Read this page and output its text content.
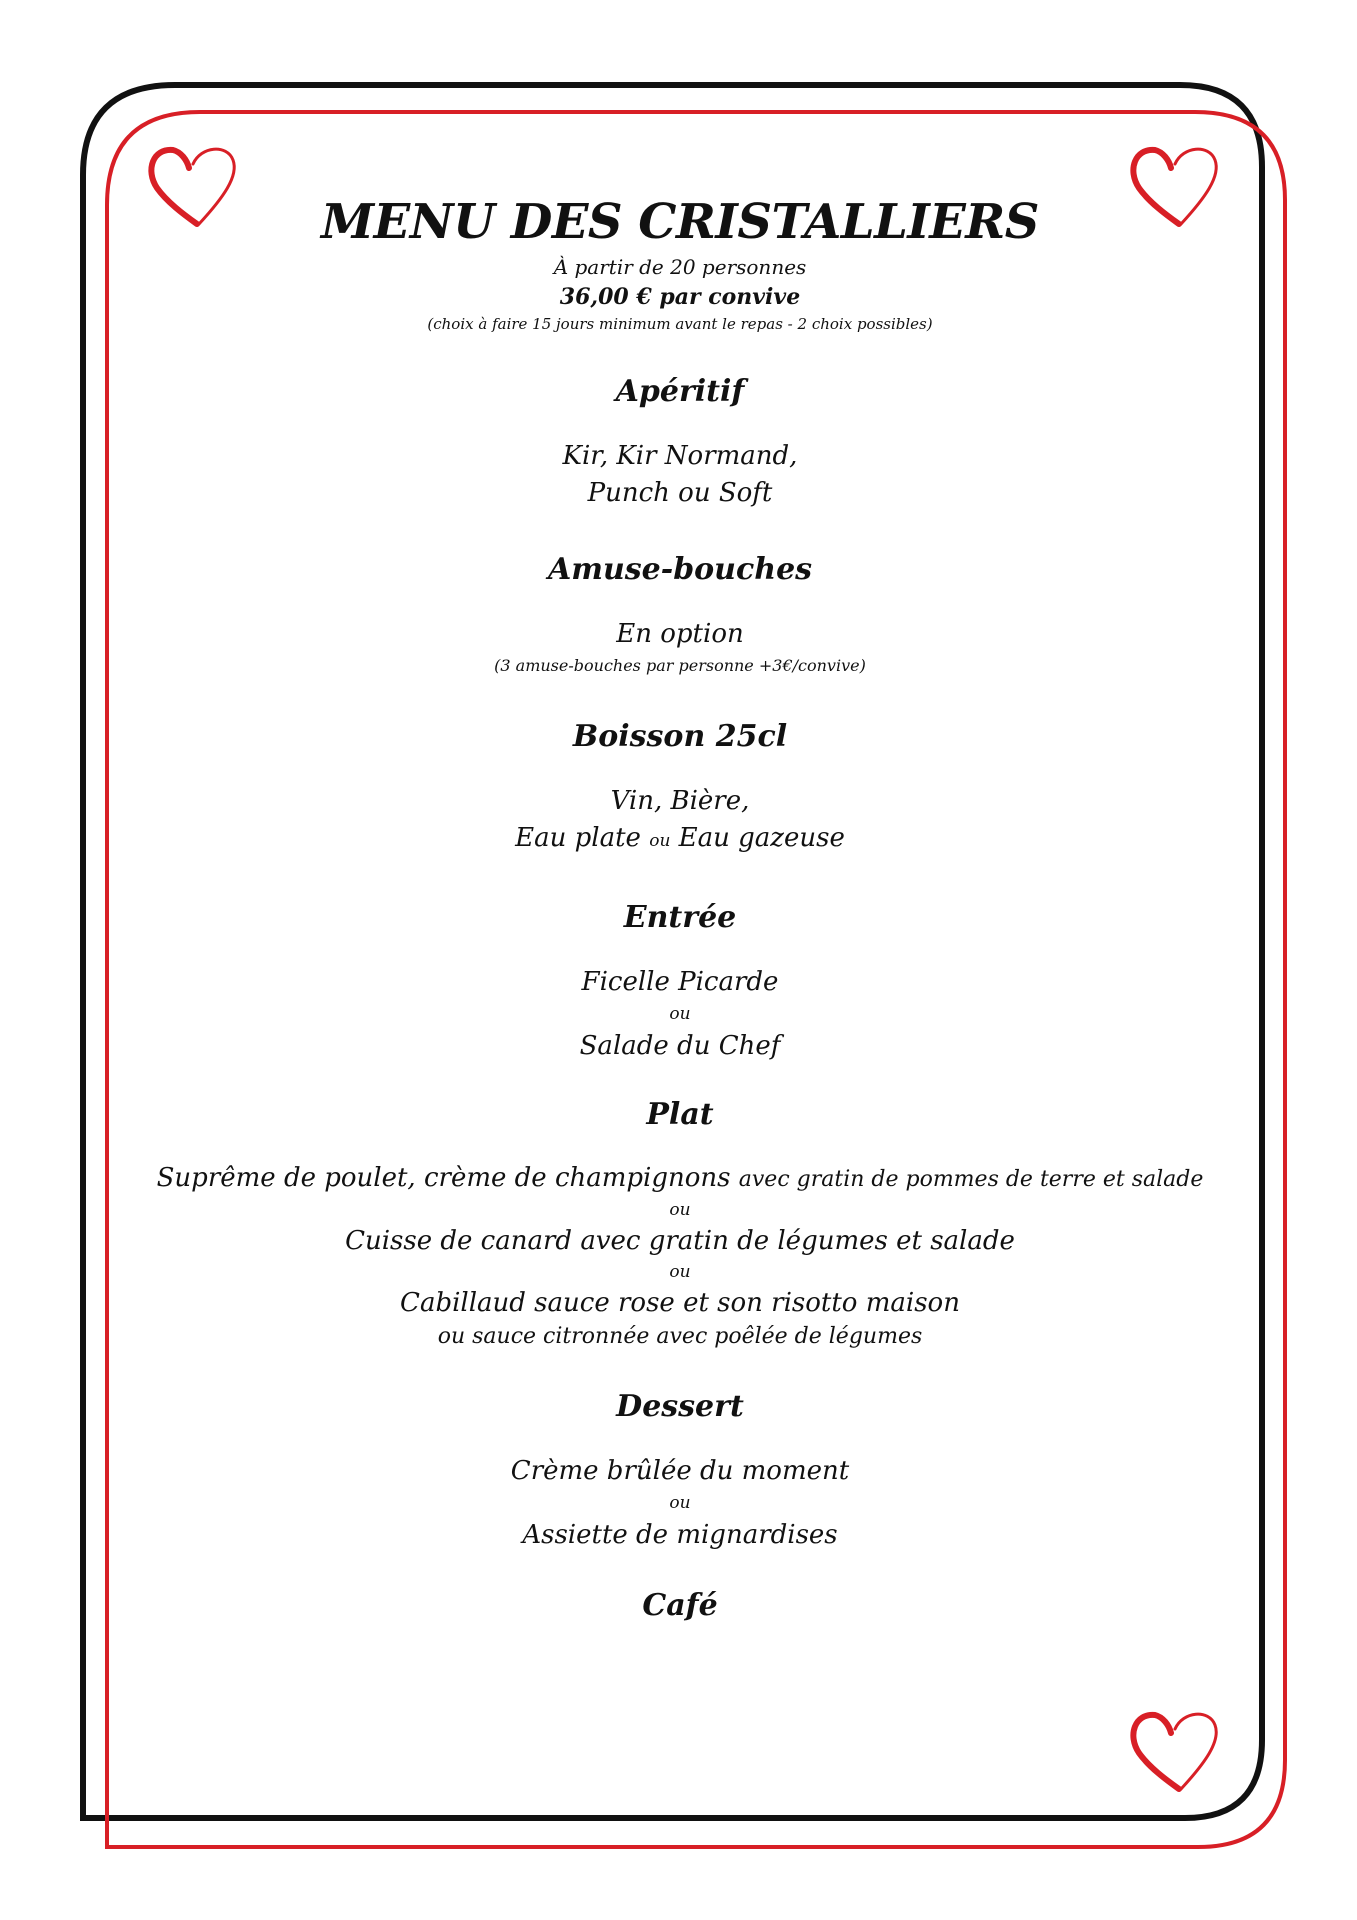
MENU DES CRISTALLIERS
À partir de 20 personnes
36,00 € par convive
(choix à faire 15 jours minimum avant le repas - 2 choix possibles)
Apéritif
Kir, Kir Normand,
Punch ou Soft
Amuse-bouches
En option
(3 amuse-bouches par personne +3€/convive)
Boisson 25cl
Vin, Bière,
Eau plate ou Eau gazeuse
Entrée
Ficelle Picarde
ou
Salade du Chef
Plat
Suprême de poulet, crème de champignons avec gratin de pommes de terre et salade
ou
Cuisse de canard avec gratin de légumes et salade
ou
Cabillaud sauce rose et son risotto maison
ou sauce citronnée avec poêlée de légumes
Dessert
Crème brûlée du moment
ou
Assiette de mignardises
Café
